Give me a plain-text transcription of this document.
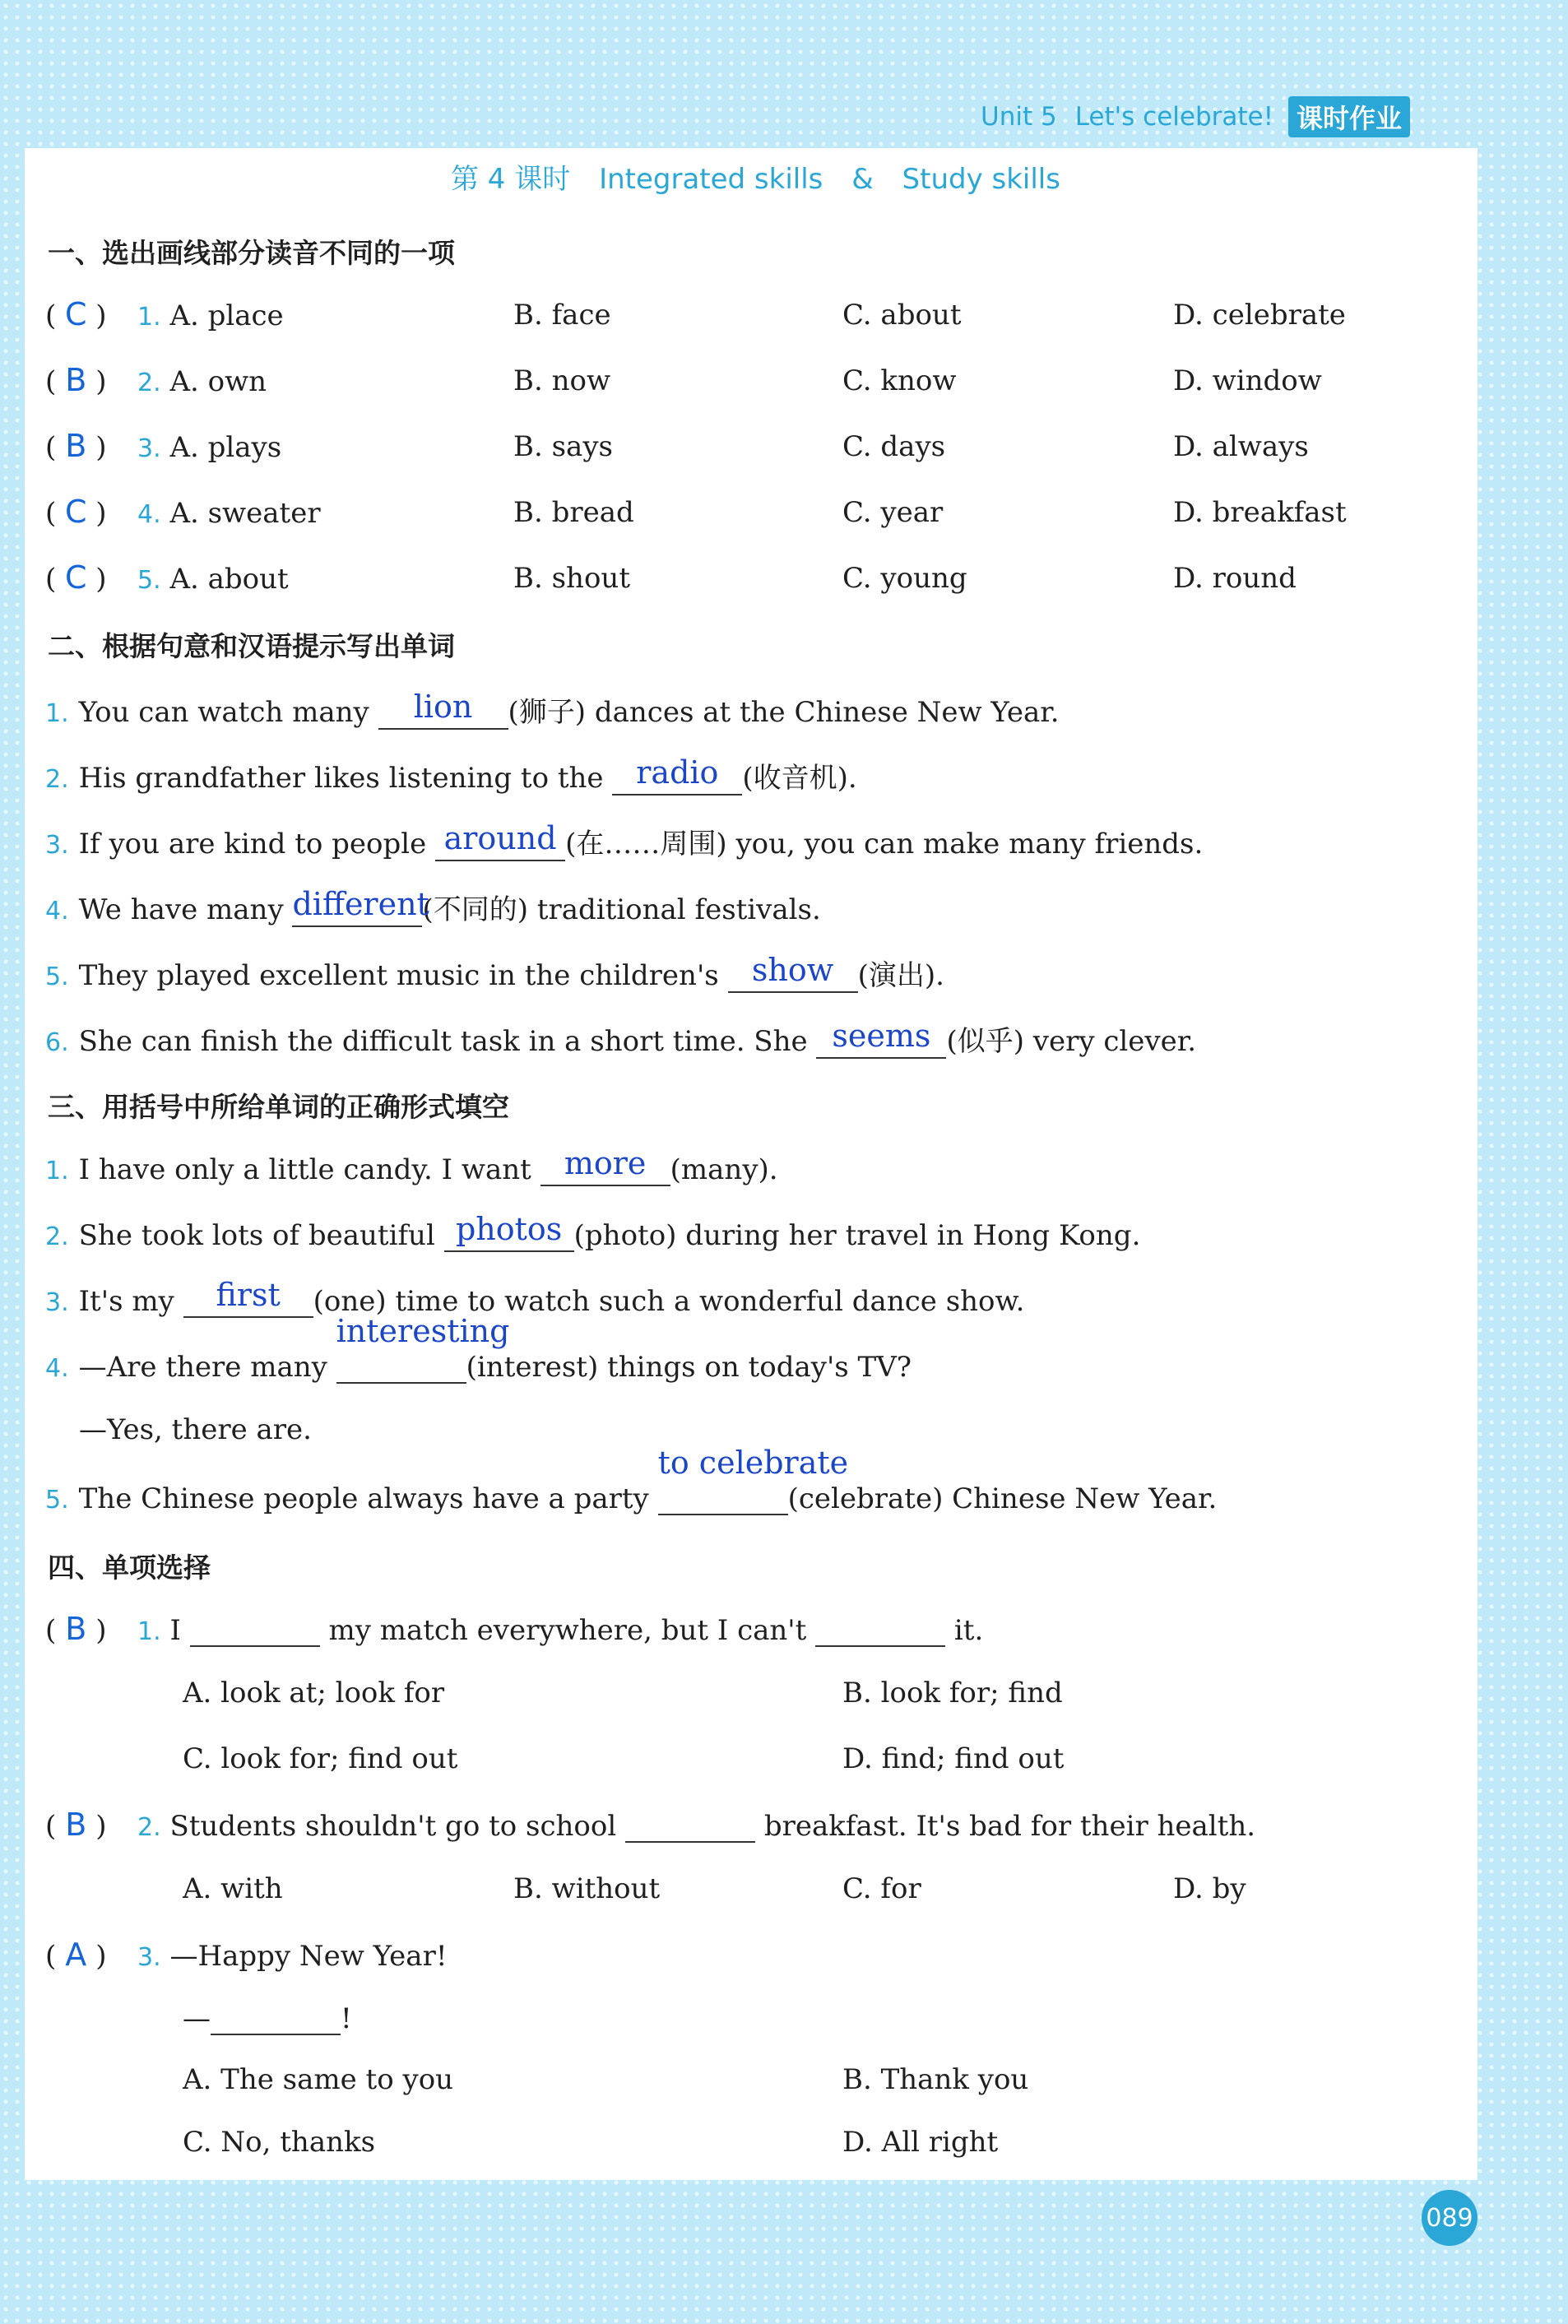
Unit 5 Let's celebrate! 课时作业
第 4 课时 Integrated skills & Study skills
一、选出画线部分读音不同的一项
( C ) 1. A. place	B. face	C. about	D. celebrate
( B ) 2. A. own	B. now	C. know	D. window
( B ) 3. A. plays	B. says	C. days	D. always
( C ) 4. A. sweater	B. bread	C. year	D. breakfast
( C ) 5. A. about	B. shout	C. young	D. round
二、根据句意和汉语提示写出单词
1. You can watch many	lion	(狮子) dances at the Chinese New Year.
2. His grandfather likes listening to the	radio (收音机).
3. If you are kind to people around (在……周围) you, you can make many friends.
4. We have many different
(不同的) traditional festivals.
5. They played excellent music in the children's	show (演出).
6. She can finish the difficult task in a short time. She seems (似乎) very clever.
三、用括号中所给单词的正确形式填空
1. I have only a little candy. I want	more (many).
2. She took lots of beautiful photos (photo) during her travel in Hong Kong.
3. It's my	first	(one) time to watch such a wonderful dance show.
4. —Are there many
interesting
(interest) things on today's TV?
—Yes, there are.
5. The Chinese people always have a party
to celebrate
(celebrate) Chinese New Year.
四、单项选择
( B ) 1. I	my match everywhere, but I can't	it.
A. look at; look for	B. look for; find
C. look for; find out	D. find; find out
( B ) 2. Students shouldn't go to school	breakfast. It's bad for their health.
A. with	B. without	C. for	D. by
( A ) 3. —Happy New Year!
—	!
A. The same to you	B. Thank you
C. No, thanks	D. All right
089
